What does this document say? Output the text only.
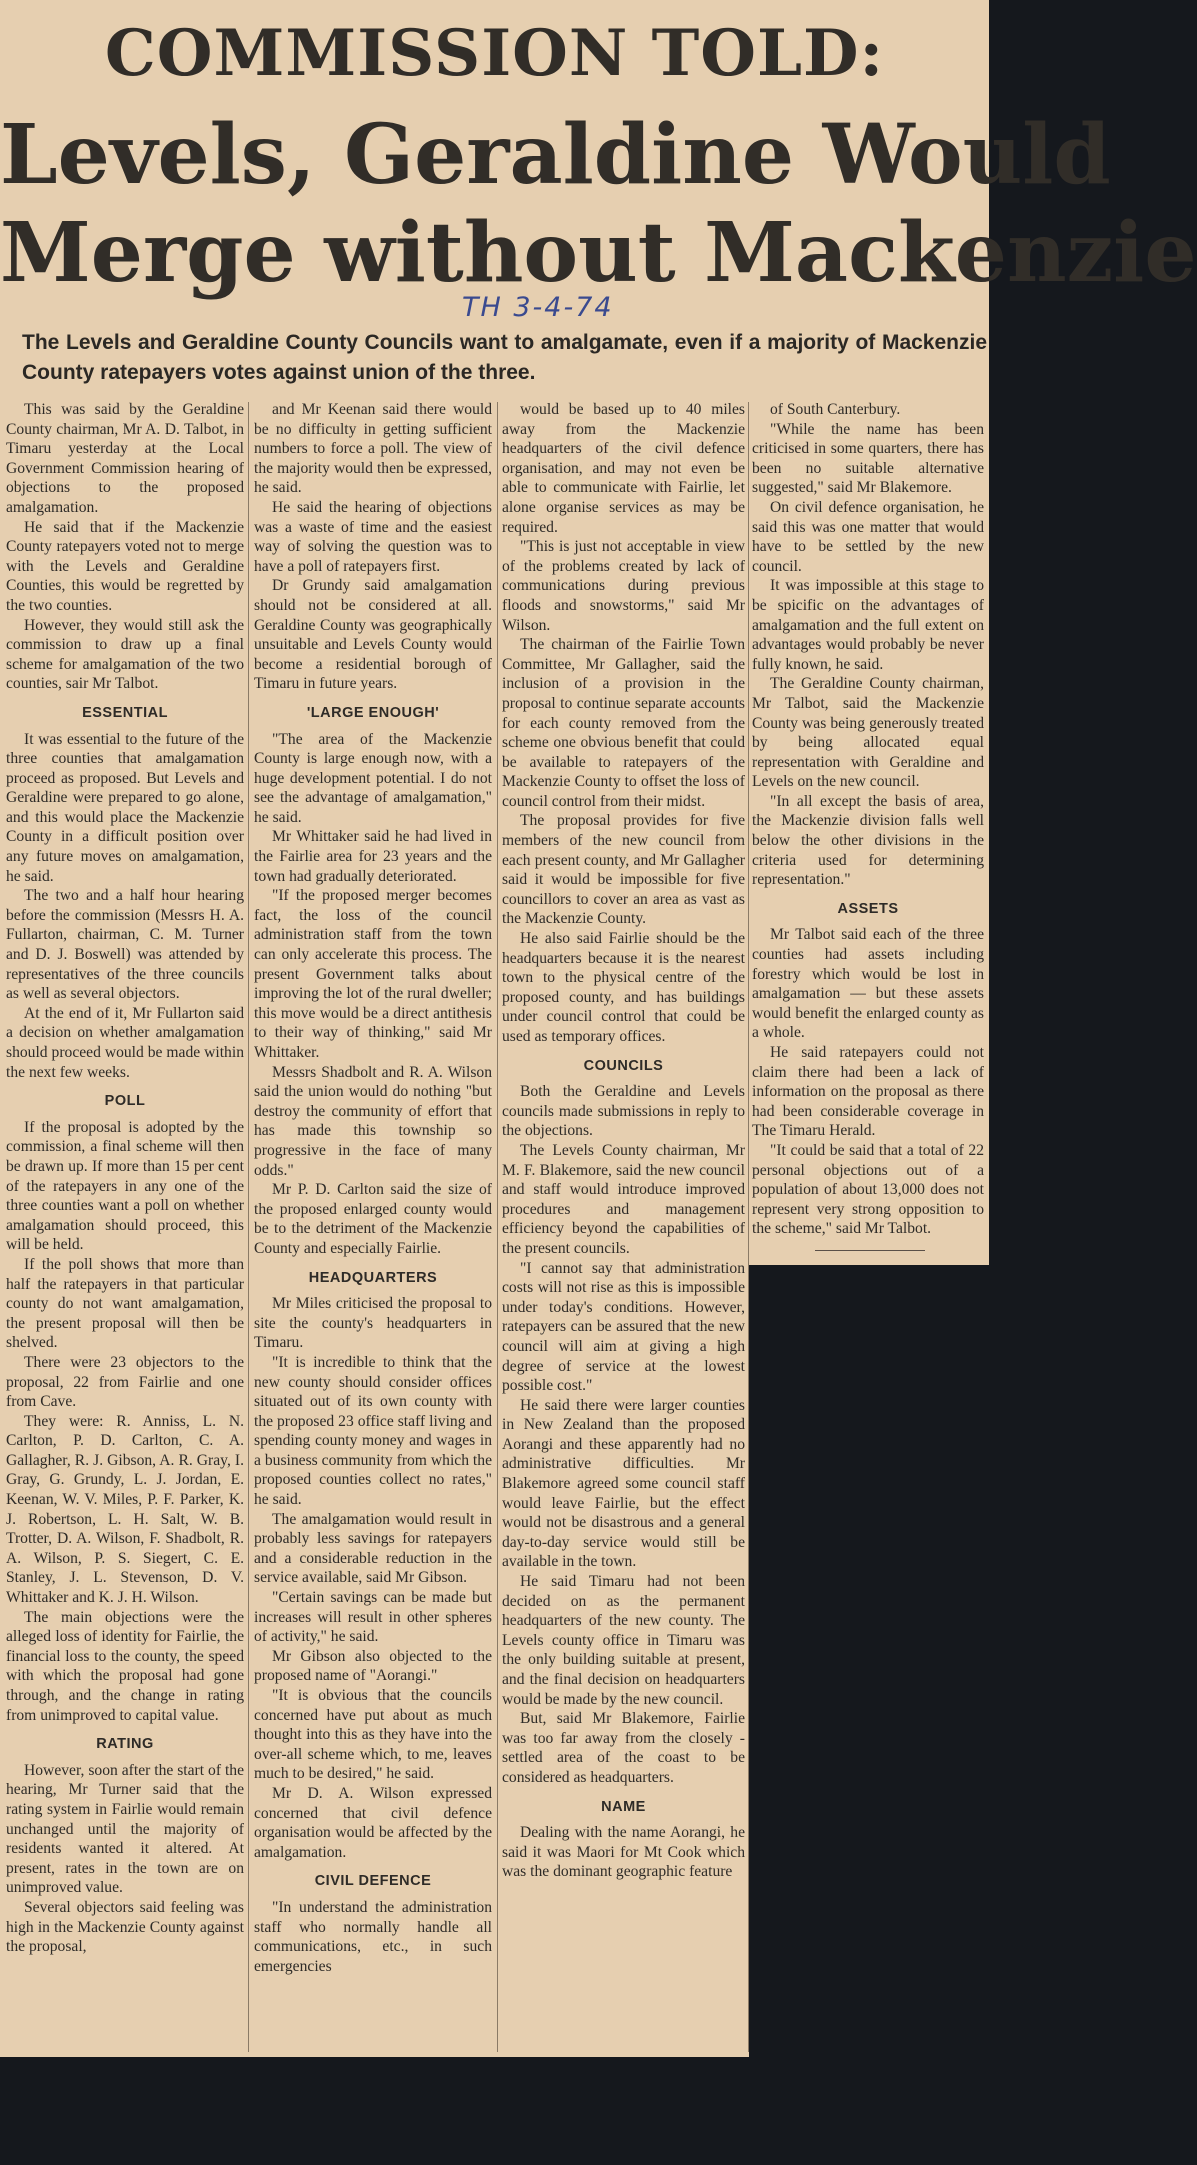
COMMISSION TOLD:
Levels, Geraldine Would
Merge without Mackenzie
TH 3-4-74
The Levels and Geraldine County Councils want to amalgamate, even if a majority of Mackenzie County ratepayers votes against union of the three.

This was said by the Geraldine County chairman, Mr A. D. Talbot, in Timaru yesterday at the Local Government Commission hearing of objections to the proposed amalgamation.

He said that if the Mackenzie County ratepayers voted not to merge with the Levels and Geraldine Counties, this would be regretted by the two counties.

However, they would still ask the commission to draw up a final scheme for amalgamation of the two counties, sair Mr Talbot.

ESSENTIAL

It was essential to the future of the three counties that amalgamation proceed as proposed. But Levels and Geraldine were prepared to go alone, and this would place the Mackenzie County in a difficult position over any future moves on amalgamation, he said.

The two and a half hour hearing before the commission (Messrs H. A. Fullarton, chairman, C. M. Turner and D. J. Boswell) was attended by representatives of the three councils as well as several objectors.

At the end of it, Mr Fullarton said a decision on whether amalgamation should proceed would be made within the next few weeks.

POLL

If the proposal is adopted by the commission, a final scheme will then be drawn up. If more than 15 per cent of the ratepayers in any one of the three counties want a poll on whether amalgamation should proceed, this will be held.

If the poll shows that more than half the ratepayers in that particular county do not want amalgamation, the present proposal will then be shelved.

There were 23 objectors to the proposal, 22 from Fairlie and one from Cave.

They were: R. Anniss, L. N. Carlton, P. D. Carlton, C. A. Gallagher, R. J. Gibson, A. R. Gray, I. Gray, G. Grundy, L. J. Jordan, E. Keenan, W. V. Miles, P. F. Parker, K. J. Robertson, L. H. Salt, W. B. Trotter, D. A. Wilson, F. Shadbolt, R. A. Wilson, P. S. Siegert, C. E. Stanley, J. L. Stevenson, D. V. Whittaker and K. J. H. Wilson.

The main objections were the alleged loss of identity for Fairlie, the financial loss to the county, the speed with which the proposal had gone through, and the change in rating from unimproved to capital value.

RATING

However, soon after the start of the hearing, Mr Turner said that the rating system in Fairlie would remain unchanged until the majority of residents wanted it altered. At present, rates in the town are on unimproved value.

Several objectors said feeling was high in the Mackenzie County against the proposal,

and Mr Keenan said there would be no difficulty in getting sufficient numbers to force a poll. The view of the majority would then be expressed, he said.

He said the hearing of objections was a waste of time and the easiest way of solving the question was to have a poll of ratepayers first.

Dr Grundy said amalgamation should not be considered at all. Geraldine County was geographically unsuitable and Levels County would become a residential borough of Timaru in future years.

'LARGE ENOUGH'

"The area of the Mackenzie County is large enough now, with a huge development potential. I do not see the advantage of amalgamation," he said.

Mr Whittaker said he had lived in the Fairlie area for 23 years and the town had gradually deteriorated.

"If the proposed merger becomes fact, the loss of the council administration staff from the town can only accelerate this process. The present Government talks about improving the lot of the rural dweller; this move would be a direct antithesis to their way of thinking," said Mr Whittaker.

Messrs Shadbolt and R. A. Wilson said the union would do nothing "but destroy the community of effort that has made this township so progressive in the face of many odds."

Mr P. D. Carlton said the size of the proposed enlarged county would be to the detriment of the Mackenzie County and especially Fairlie.

HEADQUARTERS

Mr Miles criticised the proposal to site the county's headquarters in Timaru.

"It is incredible to think that the new county should consider offices situated out of its own county with the proposed 23 office staff living and spending county money and wages in a business community from which the proposed counties collect no rates," he said.

The amalgamation would result in probably less savings for ratepayers and a considerable reduction in the service available, said Mr Gibson.

"Certain savings can be made but increases will result in other spheres of activity," he said.

Mr Gibson also objected to the proposed name of "Aorangi."

"It is obvious that the councils concerned have put about as much thought into this as they have into the over-all scheme which, to me, leaves much to be desired," he said.

Mr D. A. Wilson expressed concerned that civil defence organisation would be affected by the amalgamation.

CIVIL DEFENCE

"In understand the administration staff who normally handle all communications, etc., in such emergencies

would be based up to 40 miles away from the Mackenzie headquarters of the civil defence organisation, and may not even be able to communicate with Fairlie, let alone organise services as may be required.

"This is just not acceptable in view of the problems created by lack of communications during previous floods and snowstorms," said Mr Wilson.

The chairman of the Fairlie Town Committee, Mr Gallagher, said the inclusion of a provision in the proposal to continue separate accounts for each county removed from the scheme one obvious benefit that could be available to ratepayers of the Mackenzie County to offset the loss of council control from their midst.

The proposal provides for five members of the new council from each present county, and Mr Gallagher said it would be impossible for five councillors to cover an area as vast as the Mackenzie County.

He also said Fairlie should be the headquarters because it is the nearest town to the physical centre of the proposed county, and has buildings under council control that could be used as temporary offices.

COUNCILS

Both the Geraldine and Levels councils made submissions in reply to the objections.

The Levels County chairman, Mr M. F. Blakemore, said the new council and staff would introduce improved procedures and management efficiency beyond the capabilities of the present councils.

"I cannot say that administration costs will not rise as this is impossible under today's conditions. However, ratepayers can be assured that the new council will aim at giving a high degree of service at the lowest possible cost."

He said there were larger counties in New Zealand than the proposed Aorangi and these apparently had no administrative difficulties. Mr Blakemore agreed some council staff would leave Fairlie, but the effect would not be disastrous and a general day-to-day service would still be available in the town.

He said Timaru had not been decided on as the permanent headquarters of the new county. The Levels county office in Timaru was the only building suitable at present, and the final decision on headquarters would be made by the new council.

But, said Mr Blakemore, Fairlie was too far away from the closely - settled area of the coast to be considered as headquarters.

NAME

Dealing with the name Aorangi, he said it was Maori for Mt Cook which was the dominant geographic feature

of South Canterbury.

"While the name has been criticised in some quarters, there has been no suitable alternative suggested," said Mr Blakemore.

On civil defence organisation, he said this was one matter that would have to be settled by the new council.

It was impossible at this stage to be spicific on the advantages of amalgamation and the full extent on advantages would probably be never fully known, he said.

The Geraldine County chairman, Mr Talbot, said the Mackenzie County was being generously treated by being allocated equal representation with Geraldine and Levels on the new council.

"In all except the basis of area, the Mackenzie division falls well below the other divisions in the criteria used for determining representation."

ASSETS

Mr Talbot said each of the three counties had assets including forestry which would be lost in amalgamation — but these assets would benefit the enlarged county as a whole.

He said ratepayers could not claim there had been a lack of information on the proposal as there had been considerable coverage in The Timaru Herald.

"It could be said that a total of 22 personal objections out of a population of about 13,000 does not represent very strong opposition to the scheme," said Mr Talbot.
